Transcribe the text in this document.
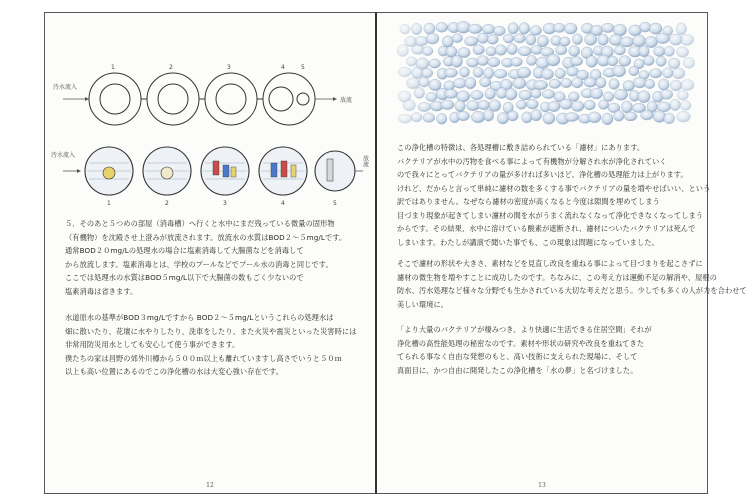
汚水流入
1	2	3	4	5
放流
汚水流入	放流
1	2	3	4	5
５．そのあと５つめの部屋（消毒槽）へ行くと水中にまだ残っている微量の固形物
（有機物）を沈殿させ上澄みが放流されます。放流水の水質はBOD２〜５mg/Lです。
通常BOD２０mg/Lの処理水の場合に塩素消毒して大腸菌などを消毒して
から放流します。塩素消毒とは、学校のプールなどでプール水の消毒と同じです。
ここでは処理水の水質はBOD５mg/L以下で大腸菌の数もごく少ないので
塩素消毒は省きます。
水道原水の基準がBOD３mg/Lですから BOD２〜５mg/Lというこれらの処理水は
畑に散いたり、花壇に水やりしたり、洗車をしたり、また火災や震災といった災害時には
非常用防災用水としても安心して使う事ができます。
僕たちの家は昌野の郊外川樽から５００ｍ以上も離れていますし高さでいうと５０ｍ
以上も高い位置にあるのでこの浄化槽の水は大変心強い存在です。
12
この浄化槽の特徴は、各処理槽に敷き詰められている「濾材」にあります。
バクテリアが水中の汚物を食べる事によって有機物が分解され水が浄化されていく
ので我々にとってバクテリアの量が多ければ多いほど、浄化槽の処理能力は上がります。
けれど、だからと言って単純に濾材の数を多くする事でバクテリアの量を増やせばいい、という
訳ではありません。なぜなら濾材の密度が高くなると今度は隙間を埋めてしまう
目づまり現象が起きてしまい濾材の間を水がうまく流れなくなって浄化できなくなってしまう
からです。その結果、水中に溶けている酸素が遮断され、濾材についたバクテリアは死んで
しまいます。わたしが講演で聞いた事でも、この現象は問題になっていました。
そこで濾材の形状や大きさ、素材などを見直し改良を重ねる事によって目づまりを起こさずに
濾材の微生物を増やすことに成功したのです。ちなみに、この考え方は運動不足の解消や、屋根の
防水、汚水処理など様々な分野でも生かされている大切な考えだと思う。少しでも多くの人が力を合わせて
美しい環境に。
「より大量のバクテリアが棲みつき、より快適に生活できる住居空間」それが
浄化槽の高性能処理の秘密なのです。素材や形状の研究や改良を重ねてきた
てられる事なく自由な発想のもと、高い技術に支えられた現場に、そして
真面目に、かつ自由に開発したこの浄化槽を「水の夢」と名づけました。
13
